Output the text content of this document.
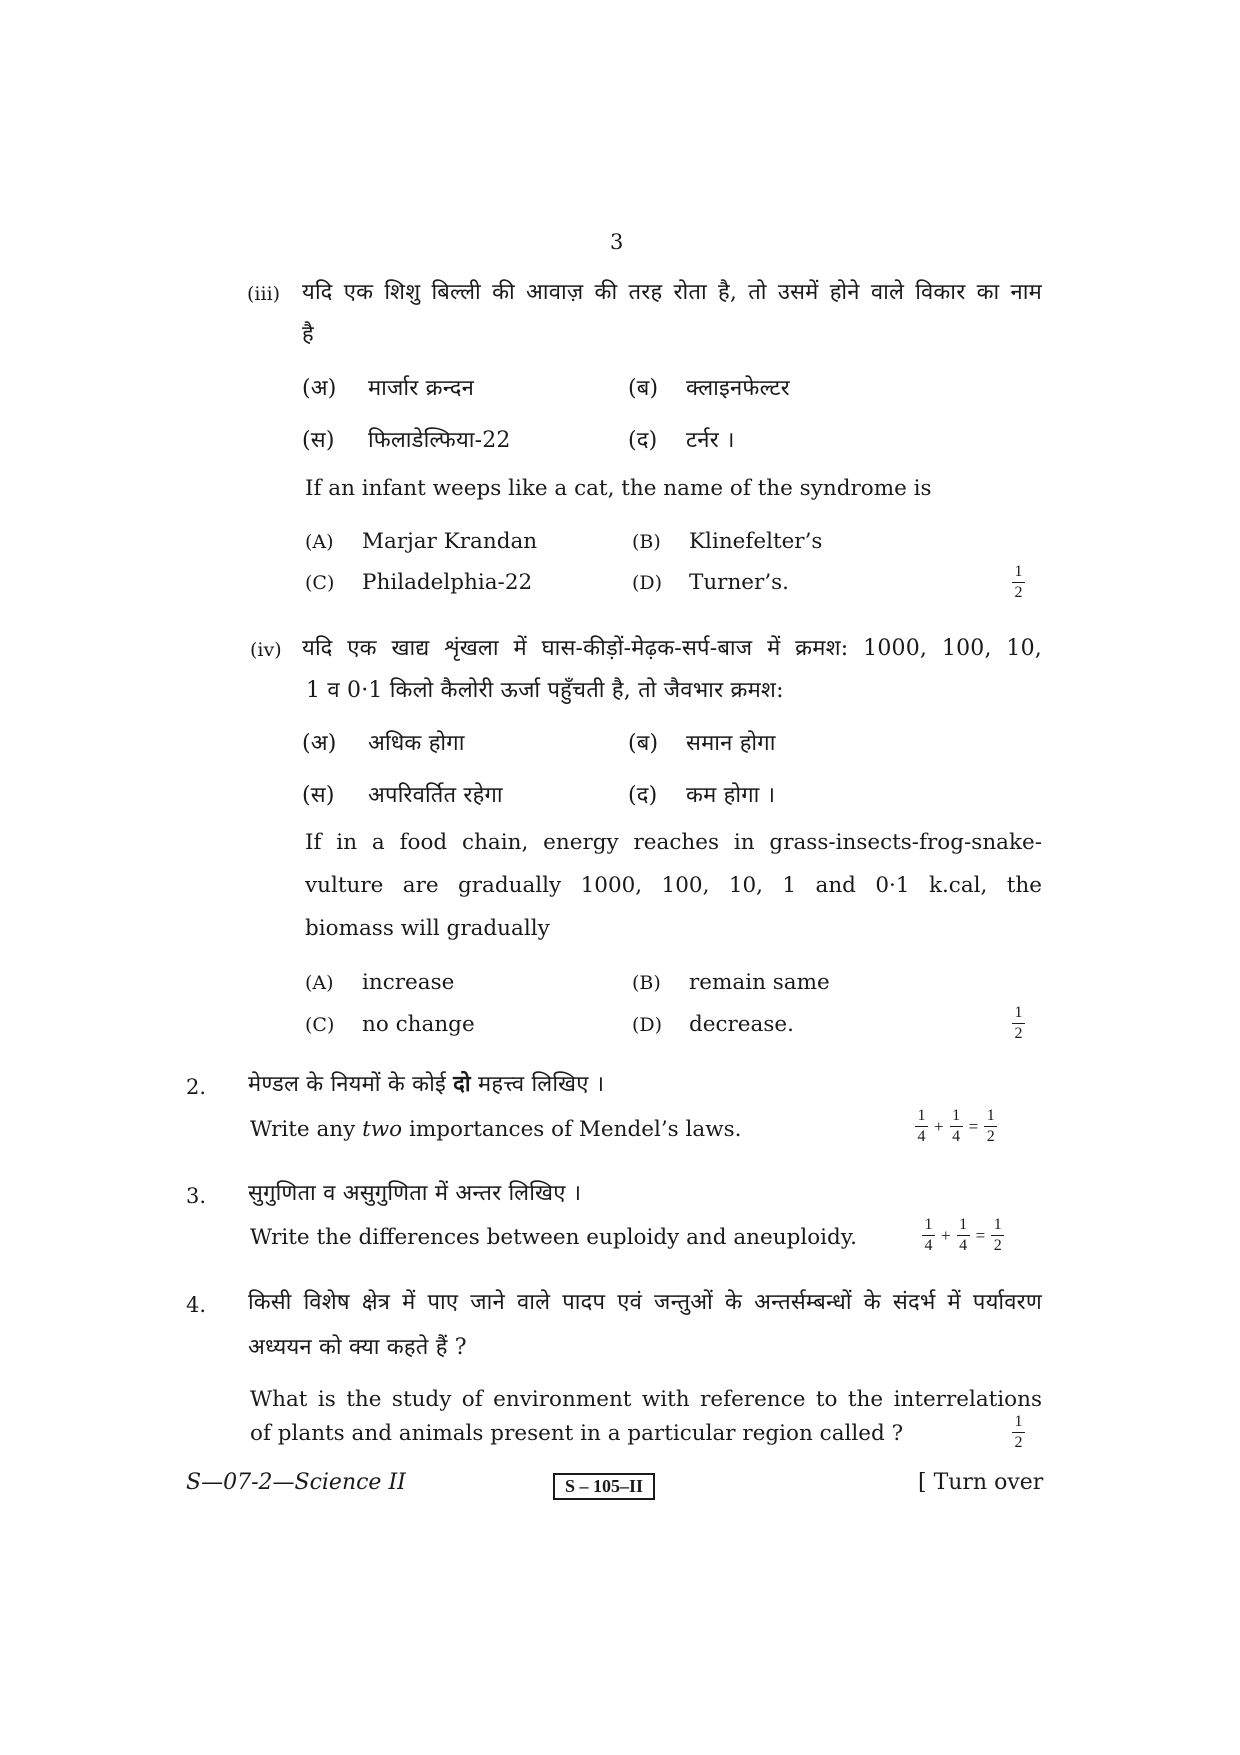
3
(iii) यदि एक शिशु बिल्ली की आवाज़ की तरह रोता है, तो उसमें होने वाले विकार का नाम
है
(अ) मार्जार क्रन्दन	(ब) क्लाइनफेल्टर
(स) फिलाडेल्फिया-22	(द) टर्नर ।
If an infant weeps like a cat, the name of the syndrome is
(A) Marjar Krandan	(B) Klinefelter’s
(C) Philadelphia-22	(D) Turner’s.	1
2
(iv) यदि एक खाद्य शृंखला में घास-कीड़ों-मेढ़क-सर्प-बाज में क्रमश: 1000, 100, 10,
1 व 0·1 किलो कैलोरी ऊर्जा पहुँचती है, तो जैवभार क्रमश:
(अ) अधिक होगा	(ब) समान होगा
(स) अपरिवर्तित रहेगा	(द) कम होगा ।
If in a food chain, energy reaches in grass-insects-frog-snake-
vulture are gradually 1000, 100, 10, 1 and 0·1 k.cal, the
biomass will gradually
(A) increase	(B) remain same
(C) no change	(D) decrease.	1
2
2. मेण्डल के नियमों के कोई दो महत्त्व लिखिए ।
Write any two importances of Mendel’s laws.	$\frac{1}{4} + \frac{1}{4} = \frac{1}{2}$
3. सुगुणिता व असुगुणिता में अन्तर लिखिए ।
Write the differences between euploidy and aneuploidy.	$\frac{1}{4} + \frac{1}{4} = \frac{1}{2}$
4. किसी विशेष क्षेत्र में पाए जाने वाले पादप एवं जन्तुओं के अन्तर्सम्बन्धों के संदर्भ में पर्यावरण
अध्ययन को क्या कहते हैं ?
What is the study of environment with reference to the interrelations
of plants and animals present in a particular region called ?	1
2
S—07-2—Science II	S – 105–II	[ Turn over
